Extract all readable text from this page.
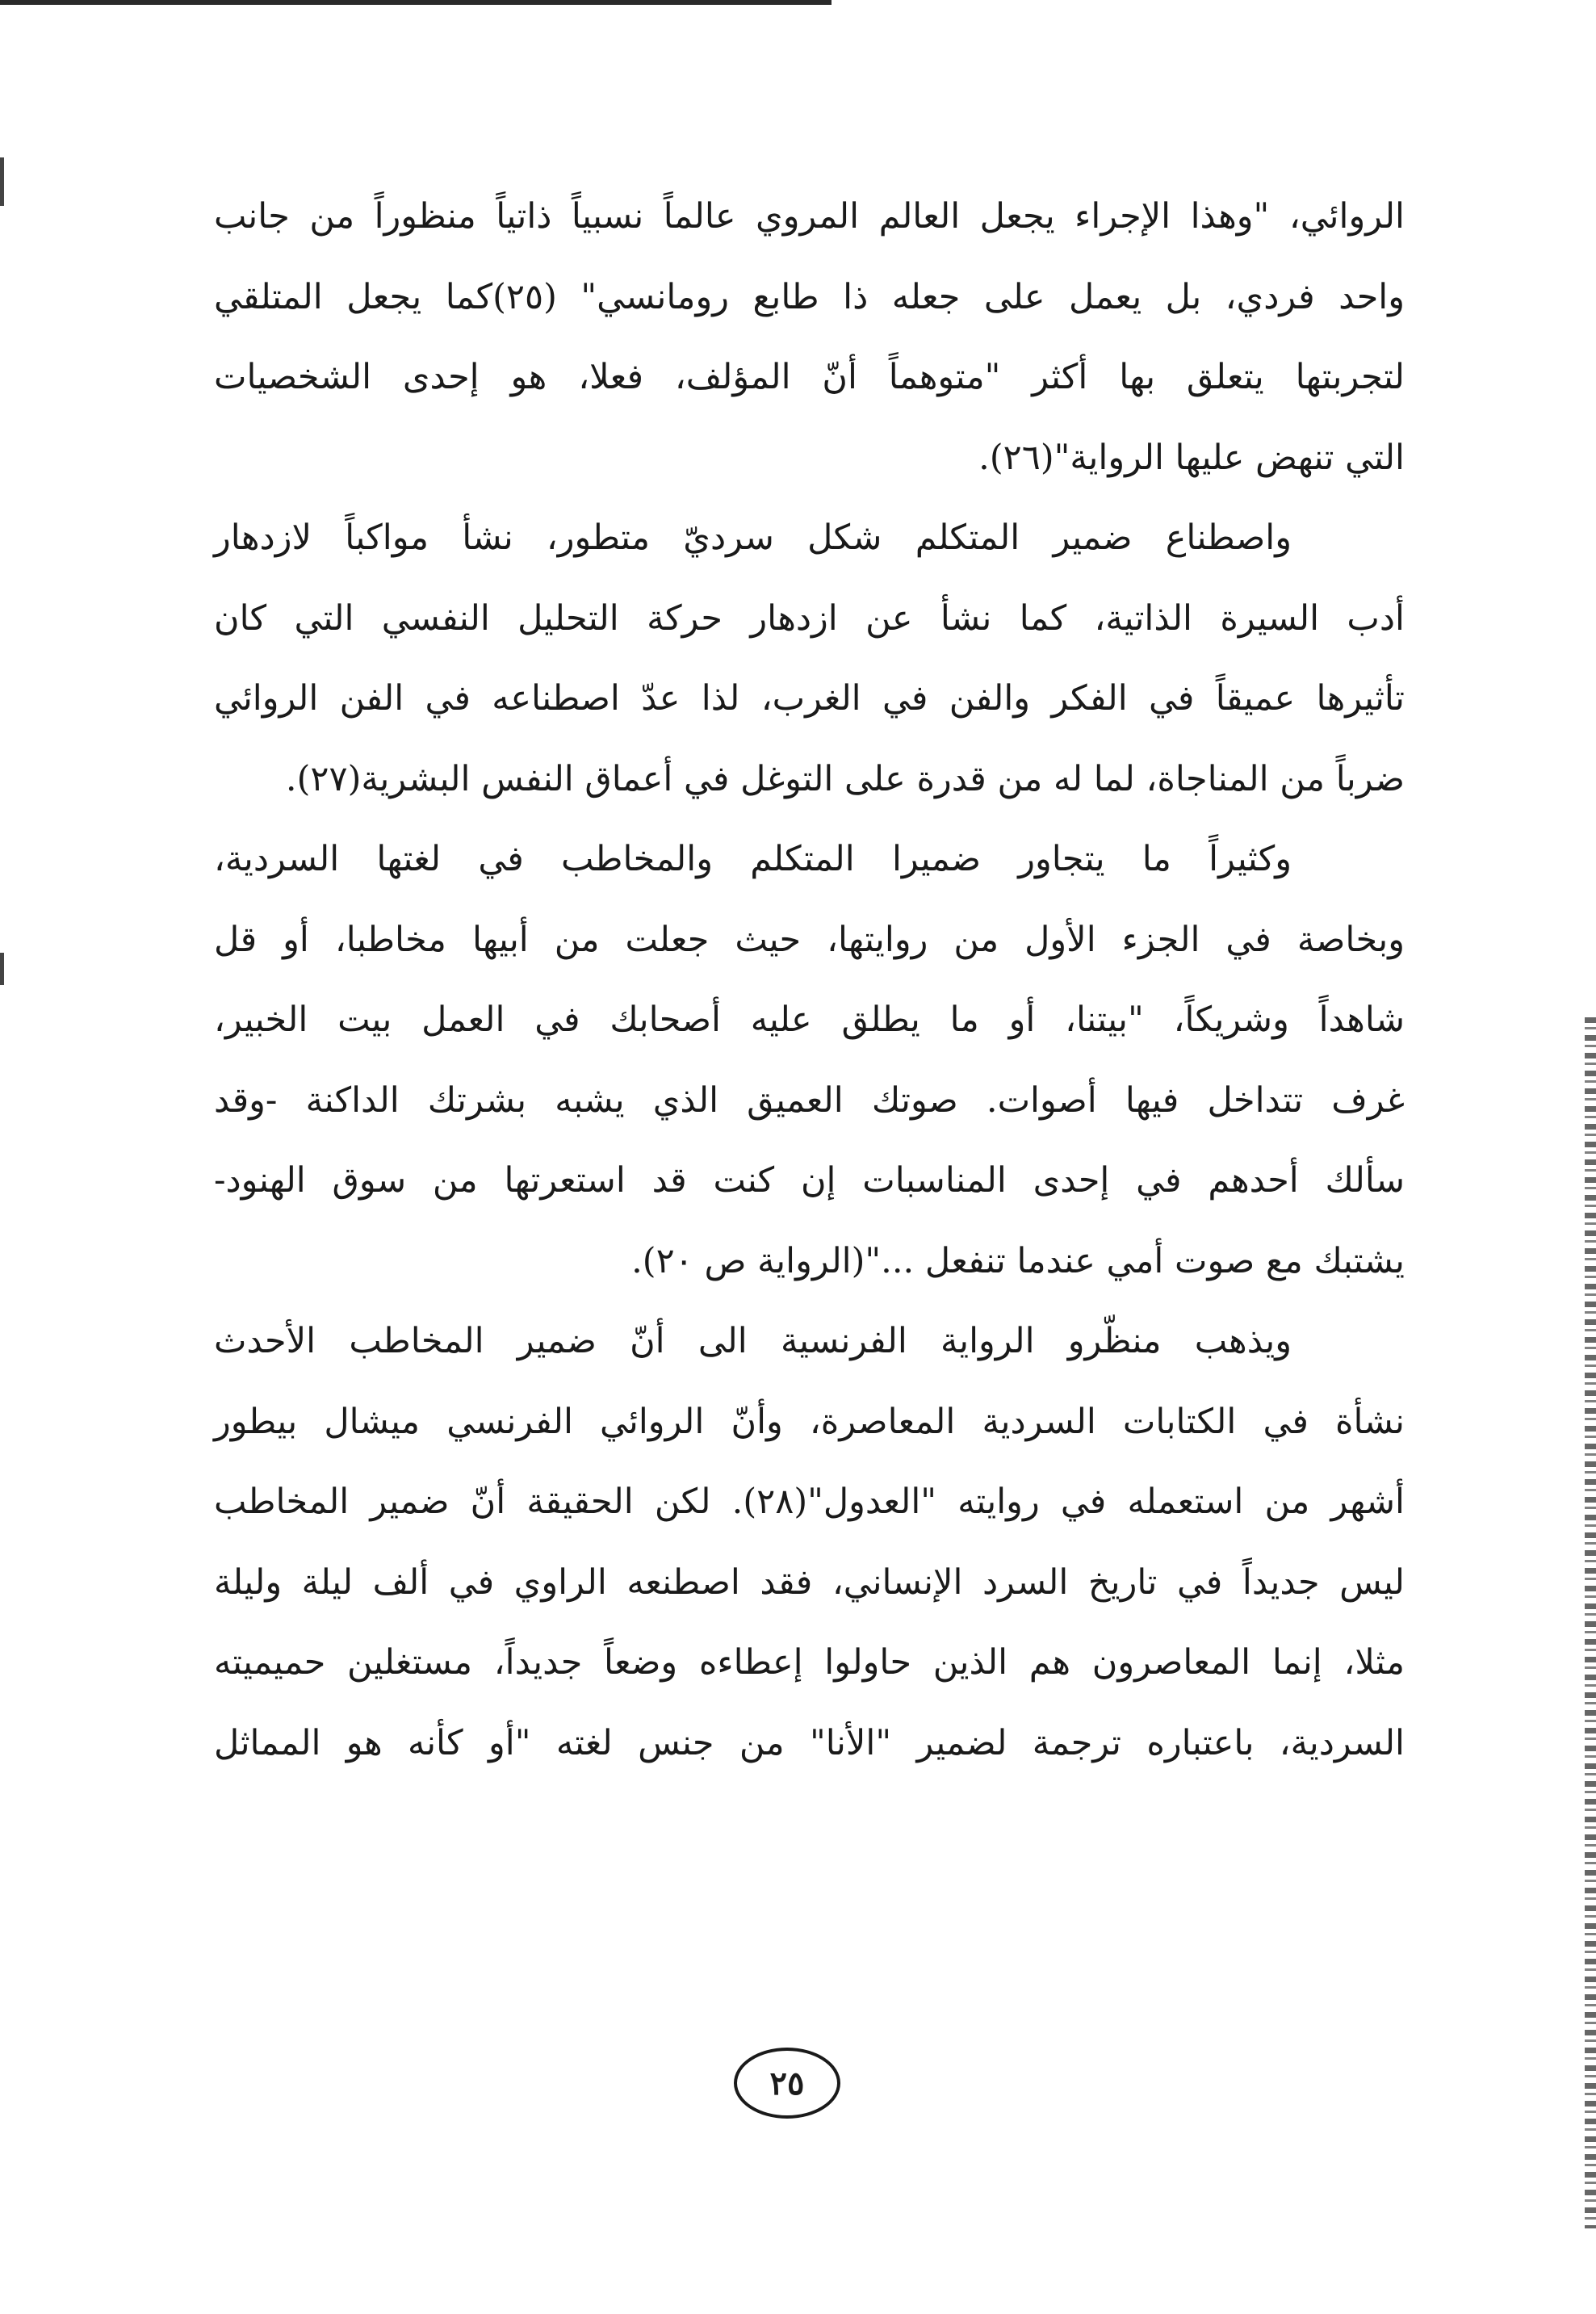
الروائي، "وهذا الإجراء يجعل العالم المروي عالماً نسبياً ذاتياً منظوراً من جانب
واحد فردي، بل يعمل على جعله ذا طابع رومانسي" (٢٥)كما يجعل المتلقي
لتجربتها يتعلق بها أكثر "متوهماً أنّ المؤلف، فعلا، هو إحدى الشخصيات
التي تنهض عليها الرواية"(٢٦).
واصطناع ضمير المتكلم شكل سرديّ متطور، نشأ مواكباً لازدهار
أدب السيرة الذاتية، كما نشأ عن ازدهار حركة التحليل النفسي التي كان
تأثيرها عميقاً في الفكر والفن في الغرب، لذا عدّ اصطناعه في الفن الروائي
ضرباً من المناجاة، لما له من قدرة على التوغل في أعماق النفس البشرية(٢٧).
وكثيراً ما يتجاور ضميرا المتكلم والمخاطب في لغتها السردية،
وبخاصة في الجزء الأول من روايتها، حيث جعلت من أبيها مخاطبا، أو قل
شاهداً وشريكاً، "بيتنا، أو ما يطلق عليه أصحابك في العمل بيت الخبير،
غرف تتداخل فيها أصوات. صوتك العميق الذي يشبه بشرتك الداكنة -وقد
سألك أحدهم في إحدى المناسبات إن كنت قد استعرتها من سوق الهنود-
يشتبك مع صوت أمي عندما تنفعل ..."(الرواية ص ٢٠).
ويذهب منظّرو الرواية الفرنسية الى أنّ ضمير المخاطب الأحدث
نشأة في الكتابات السردية المعاصرة، وأنّ الروائي الفرنسي ميشال بيطور
أشهر من استعمله في روايته "العدول"(٢٨). لكن الحقيقة أنّ ضمير المخاطب
ليس جديداً في تاريخ السرد الإنساني، فقد اصطنعه الراوي في ألف ليلة وليلة
مثلا، إنما المعاصرون هم الذين حاولوا إعطاءه وضعاً جديداً، مستغلين حميميته
السردية، باعتباره ترجمة لضمير "الأنا" من جنس لغته "أو كأنه هو المماثل
٢٥
